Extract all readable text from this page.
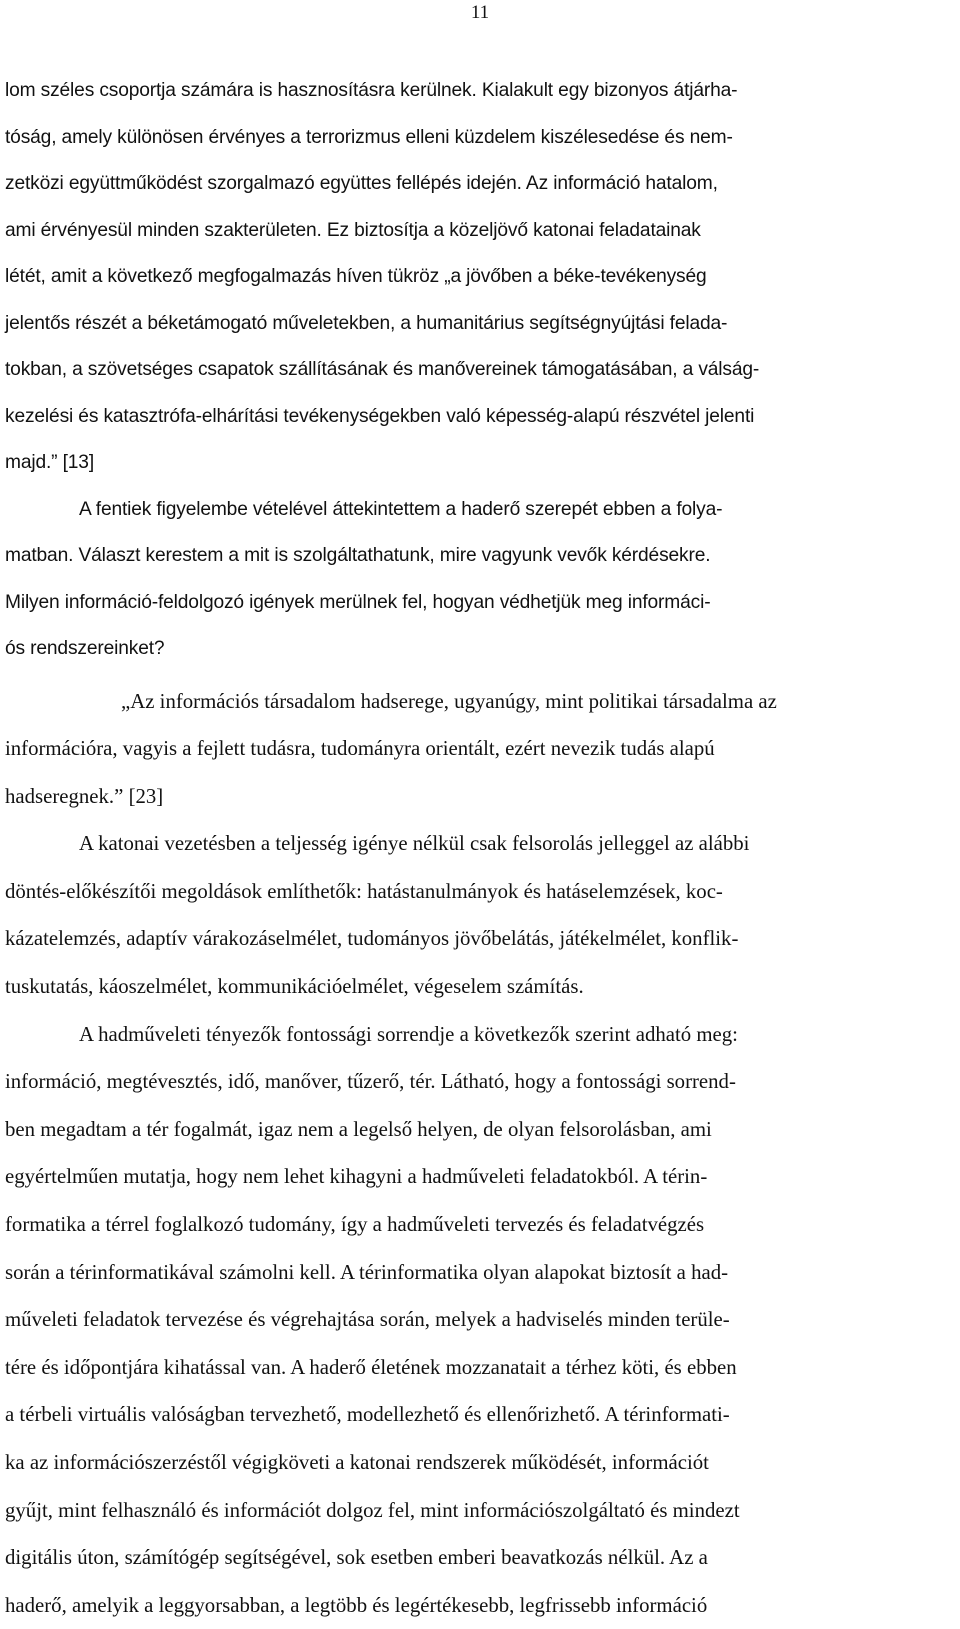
11

lom széles csoportja számára is hasznosításra kerülnek. Kialakult egy bizonyos átjárha-
tóság, amely különösen érvényes a terrorizmus elleni küzdelem kiszélesedése és nem-
zetközi együttműködést szorgalmazó együttes fellépés idején. Az információ hatalom,
ami érvényesül minden szakterületen. Ez biztosítja a közeljövő katonai feladatainak
létét, amit a következő megfogalmazás híven tükröz „a jövőben a béke-tevékenység
jelentős részét a béketámogató műveletekben, a humanitárius segítségnyújtási felada-
tokban, a szövetséges csapatok szállításának és manővereinek támogatásában, a válság-
kezelési és katasztrófa-elhárítási tevékenységekben való képesség-alapú részvétel jelenti
majd.” [13]

A fentiek figyelembe vételével áttekintettem a haderő szerepét ebben a folya-
matban. Választ kerestem a mit is szolgáltathatunk, mire vagyunk vevők kérdésekre.
Milyen információ-feldolgozó igények merülnek fel, hogyan védhetjük meg informáci-
ós rendszereinket?

„Az információs társadalom hadserege, ugyanúgy, mint politikai társadalma az
információra, vagyis a fejlett tudásra, tudományra orientált, ezért nevezik tudás alapú
hadseregnek.” [23]

A katonai vezetésben a teljesség igénye nélkül csak felsorolás jelleggel az alábbi
döntés-előkészítői megoldások említhetők: hatástanulmányok és hatáselemzések, koc-
kázatelemzés, adaptív várakozáselmélet, tudományos jövőbelátás, játékelmélet, konflik-
tuskutatás, káoszelmélet, kommunikációelmélet, végeselem számítás.

A hadműveleti tényezők fontossági sorrendje a következők szerint adható meg:
információ, megtévesztés, idő, manőver, tűzerő, tér. Látható, hogy a fontossági sorrend-
ben megadtam a tér fogalmát, igaz nem a legelső helyen, de olyan felsorolásban, ami
egyértelműen mutatja, hogy nem lehet kihagyni a hadműveleti feladatokból. A térin-
formatika a térrel foglalkozó tudomány, így a hadműveleti tervezés és feladatvégzés
során a térinformatikával számolni kell. A térinformatika olyan alapokat biztosít a had-
műveleti feladatok tervezése és végrehajtása során, melyek a hadviselés minden terüle-
tére és időpontjára kihatással van. A haderő életének mozzanatait a térhez köti, és ebben
a térbeli virtuális valóságban tervezhető, modellezhető és ellenőrizhető. A térinformati-
ka az információszerzéstől végigköveti a katonai rendszerek működését, információt
gyűjt, mint felhasználó és információt dolgoz fel, mint információszolgáltató és mindezt
digitális úton, számítógép segítségével, sok esetben emberi beavatkozás nélkül. Az a
haderő, amelyik a leggyorsabban, a legtöbb és legértékesebb, legfrissebb információ
